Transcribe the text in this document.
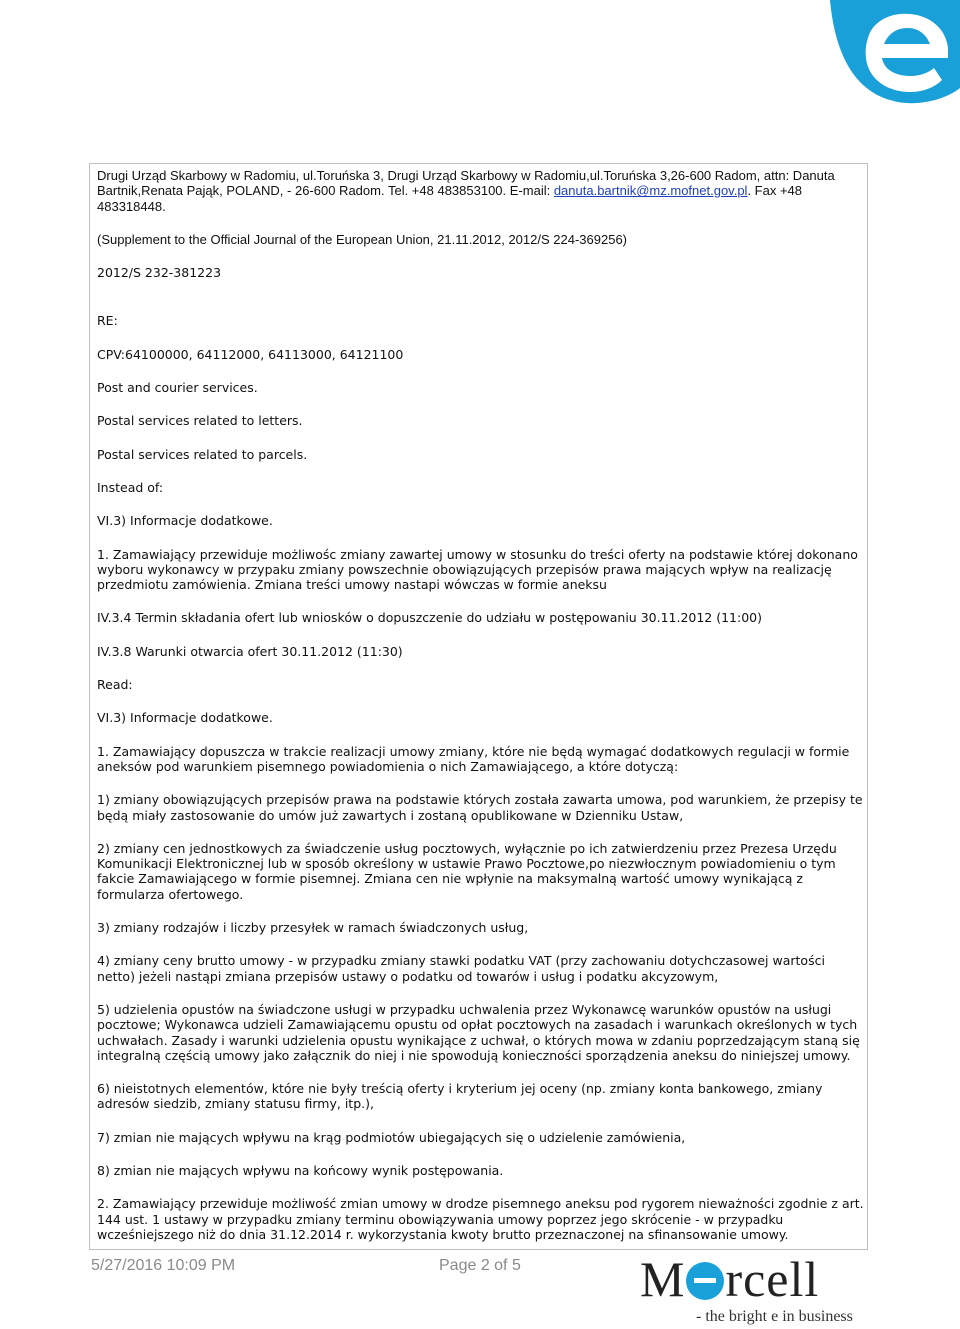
Drugi Urząd Skarbowy w Radomiu, ul.Toruńska 3, Drugi Urząd Skarbowy w Radomiu,ul.Toruńska 3,26-600 Radom, attn: Danuta Bartnik,Renata Pająk, POLAND, - 26-600 Radom. Tel. +48 483853100. E-mail: danuta.bartnik@mz.mofnet.gov.pl. Fax +48 483318448.

(Supplement to the Official Journal of the European Union, 21.11.2012, 2012/S 224-369256)

2012/S 232-381223

RE:

CPV:64100000, 64112000, 64113000, 64121100

Post and courier services.

Postal services related to letters.

Postal services related to parcels.

Instead of:

VI.3) Informacje dodatkowe.

1. Zamawiający przewiduje możliwośc zmiany zawartej umowy w stosunku do treści oferty na podstawie której dokonano wyboru wykonawcy w przypaku zmiany powszechnie obowiązujących przepisów prawa mających wpływ na realizację przedmiotu zamówienia. Zmiana treści umowy nastapi wówczas w formie aneksu

IV.3.4 Termin składania ofert lub wniosków o dopuszczenie do udziału w postępowaniu 30.11.2012 (11:00)

IV.3.8 Warunki otwarcia ofert 30.11.2012 (11:30)

Read:

VI.3) Informacje dodatkowe.

1. Zamawiający dopuszcza w trakcie realizacji umowy zmiany, które nie będą wymagać dodatkowych regulacji w formie aneksów pod warunkiem pisemnego powiadomienia o nich Zamawiającego, a które dotyczą:

1) zmiany obowiązujących przepisów prawa na podstawie których została zawarta umowa, pod warunkiem, że przepisy te będą miały zastosowanie do umów już zawartych i zostaną opublikowane w Dzienniku Ustaw,

2) zmiany cen jednostkowych za świadczenie usług pocztowych, wyłącznie po ich zatwierdzeniu przez Prezesa Urzędu Komunikacji Elektronicznej lub w sposób określony w ustawie Prawo Pocztowe,po niezwłocznym powiadomieniu o tym fakcie Zamawiającego w formie pisemnej. Zmiana cen nie wpłynie na maksymalną wartość umowy wynikającą z formularza ofertowego.

3) zmiany rodzajów i liczby przesyłek w ramach świadczonych usług,

4) zmiany ceny brutto umowy - w przypadku zmiany stawki podatku VAT (przy zachowaniu dotychczasowej wartości netto) jeżeli nastąpi zmiana przepisów ustawy o podatku od towarów i usług i podatku akcyzowym,

5) udzielenia opustów na świadczone usługi w przypadku uchwalenia przez Wykonawcę warunków opustów na usługi pocztowe; Wykonawca udzieli Zamawiającemu opustu od opłat pocztowych na zasadach i warunkach określonych w tych uchwałach. Zasady i warunki udzielenia opustu wynikające z uchwał, o których mowa w zdaniu poprzedzającym staną się integralną częścią umowy jako załącznik do niej i nie spowodują konieczności sporządzenia aneksu do niniejszej umowy.

6) nieistotnych elementów, które nie były treścią oferty i kryterium jej oceny (np. zmiany konta bankowego, zmiany adresów siedzib, zmiany statusu firmy, itp.),

7) zmian nie mających wpływu na krąg podmiotów ubiegających się o udzielenie zamówienia,

8) zmian nie mających wpływu na końcowy wynik postępowania.

2. Zamawiający przewiduje możliwość zmian umowy w drodze pisemnego aneksu pod rygorem nieważności zgodnie z art. 144 ust. 1 ustawy w przypadku zmiany terminu obowiązywania umowy poprzez jego skrócenie - w przypadku wcześniejszego niż do dnia 31.12.2014 r. wykorzystania kwoty brutto przeznaczonej na sfinansowanie umowy.

5/27/2016 10:09 PM	Page 2 of 5 M rcell
- the bright e in business
